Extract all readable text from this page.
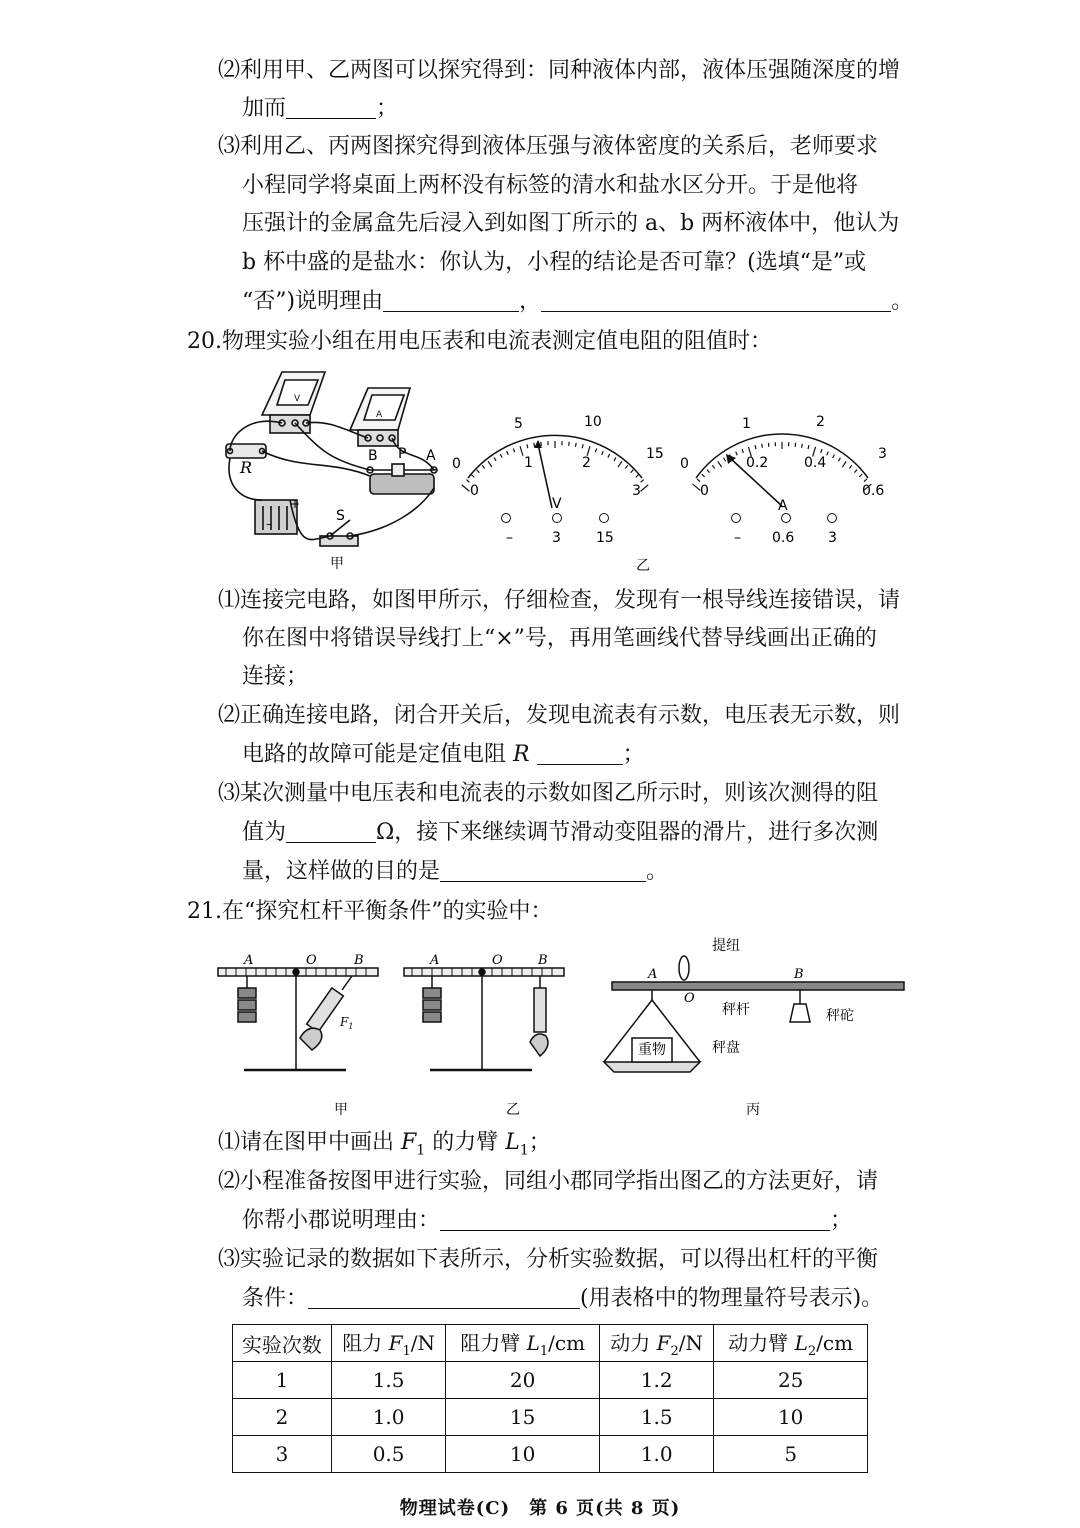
⑵利用甲、乙两图可以探究得到：同种液体内部，液体压强随深度的增
加而	；
⑶利用乙、丙两图探究得到液体压强与液体密度的关系后，老师要求
小程同学将桌面上两杯没有标签的清水和盐水区分开。于是他将
压强计的金属盒先后浸入到如图丁所示的 a、b 两杯液体中，他认为
b 杯中盛的是盐水：你认为，小程的结论是否可靠？(选填“是”或
“否”)说明理由	，	。
20.物理实验小组在用电压表和电流表测定值电阻的阻值时：
V
A
R
S
B P A
–
+
甲
0
5	10
15
0
1	2
3
V
–	3	15
0
1	2
3
0
0.2	0.4
0.6
A
– 0.6 3
乙
⑴连接完电路，如图甲所示，仔细检查，发现有一根导线连接错误，请
你在图中将错误导线打上“×”号，再用笔画线代替导线画出正确的
连接；
⑵正确连接电路，闭合开关后，发现电流表有示数，电压表无示数，则
电路的故障可能是定值电阻 R	；
⑶某次测量中电压表和电流表的示数如图乙所示时，则该次测得的阻
值为	Ω，接下来继续调节滑动变阻器的滑片，进行多次测
量，这样做的目的是	。
21.在“探究杠杆平衡条件”的实验中：
A	O	B
$F_1$
甲
A	O	B
乙
提纽
A
O
B
秤杆	秤砣
重物	秤盘
丙
⑴请在图甲中画出 $F_1$ 的力臂 $L_1$；
⑵小程准备按图甲进行实验，同组小郡同学指出图乙的方法更好，请
你帮小郡说明理由：	；
⑶实验记录的数据如下表所示，分析实验数据，可以得出杠杆的平衡
条件：	(用表格中的物理量符号表示)。
实验次数	阻力 $F_1/N$	阻力臂 $L_1/cm$	动力 $F_2/N$	动力臂 $L_2/cm$
1	1.5	20	1.2	25
2	1.0	15	1.5	10
3	0.5	10	1.0	5
物理试卷(C)　第 6 页(共 8 页)
